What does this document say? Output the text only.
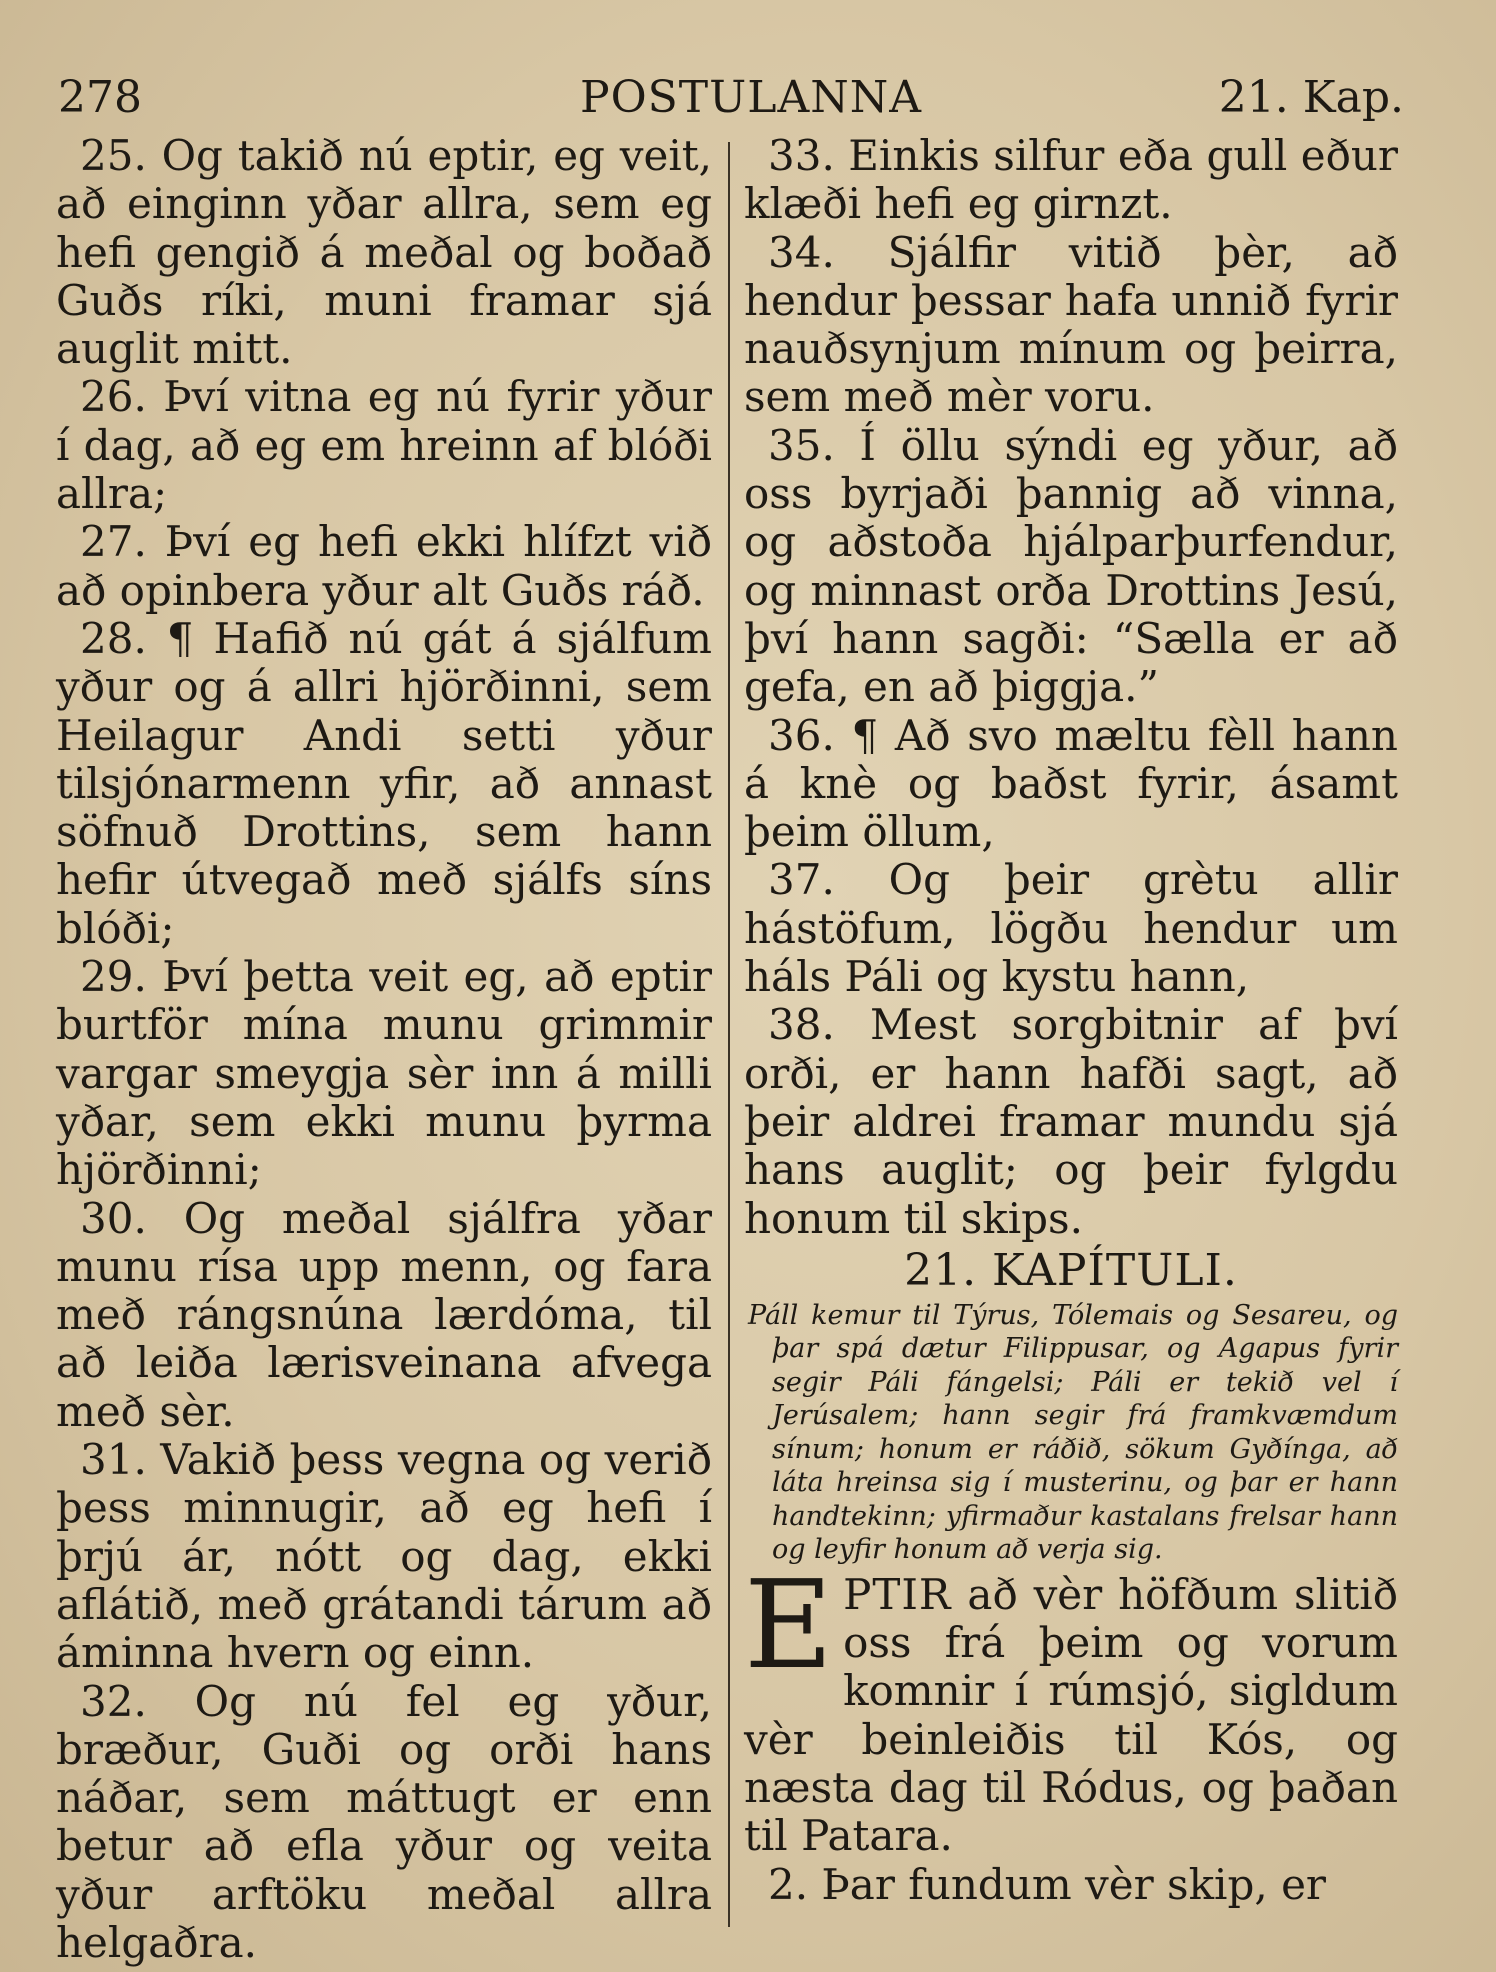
278	POSTULANNA	21. Kap.

25. Og takið nú eptir, eg veit, að einginn yðar allra, sem eg hefi gengið á meðal og boðað Guðs ríki, muni framar sjá auglit mitt.

26. Því vitna eg nú fyrir yður í dag, að eg em hreinn af blóði allra;

27. Því eg hefi ekki hlífzt við að opinbera yður alt Guðs ráð.

28. ¶ Hafið nú gát á sjálfum yður og á allri hjörðinni, sem Heilagur Andi setti yður tilsjónarmenn yfir, að annast söfnuð Drottins, sem hann hefir útvegað með sjálfs síns blóði;

29. Því þetta veit eg, að eptir burtför mína munu grimmir vargar smeygja sèr inn á milli yðar, sem ekki munu þyrma hjörðinni;

30. Og meðal sjálfra yðar munu rísa upp menn, og fara með rángsnúna lærdóma, til að leiða lærisveinana afvega með sèr.

31. Vakið þess vegna og verið þess minnugir, að eg hefi í þrjú ár, nótt og dag, ekki aflátið, með grátandi tárum að áminna hvern og einn.

32. Og nú fel eg yður, bræður, Guði og orði hans náðar, sem máttugt er enn betur að efla yður og veita yður arftöku meðal allra helgaðra.

33. Einkis silfur eða gull eður klæði hefi eg girnzt.

34. Sjálfir vitið þèr, að hendur þessar hafa unnið fyrir nauðsynjum mínum og þeirra, sem með mèr voru.

35. Í öllu sýndi eg yður, að oss byrjaði þannig að vinna, og aðstoða hjálparþurfendur, og minnast orða Drottins Jesú, því hann sagði: “Sælla er að gefa, en að þiggja.”

36. ¶ Að svo mæltu fèll hann á knè og baðst fyrir, ásamt þeim öllum,

37. Og þeir grètu allir hástöfum, lögðu hendur um háls Páli og kystu hann,

38. Mest sorgbitnir af því orði, er hann hafði sagt, að þeir aldrei framar mundu sjá hans auglit; og þeir fylgdu honum til skips.

21. KAPÍTULI.

Páll kemur til Týrus, Tólemais og Sesareu, og þar spá dætur Filippusar, og Agapus fyrir segir Páli fángelsi; Páli er tekið vel í Jerúsalem; hann segir frá framkvæmdum sínum; honum er ráðið, sökum Gyðínga, að láta hreinsa sig í musterinu, og þar er hann handtekinn; yfirmaður kastalans frelsar hann og leyfir honum að verja sig.

EPTIR að vèr höfðum slitið oss frá þeim og vorum komnir í rúmsjó, sigldum vèr beinleiðis til Kós, og næsta dag til Ródus, og þaðan til Patara.

2. Þar fundum vèr skip, er
